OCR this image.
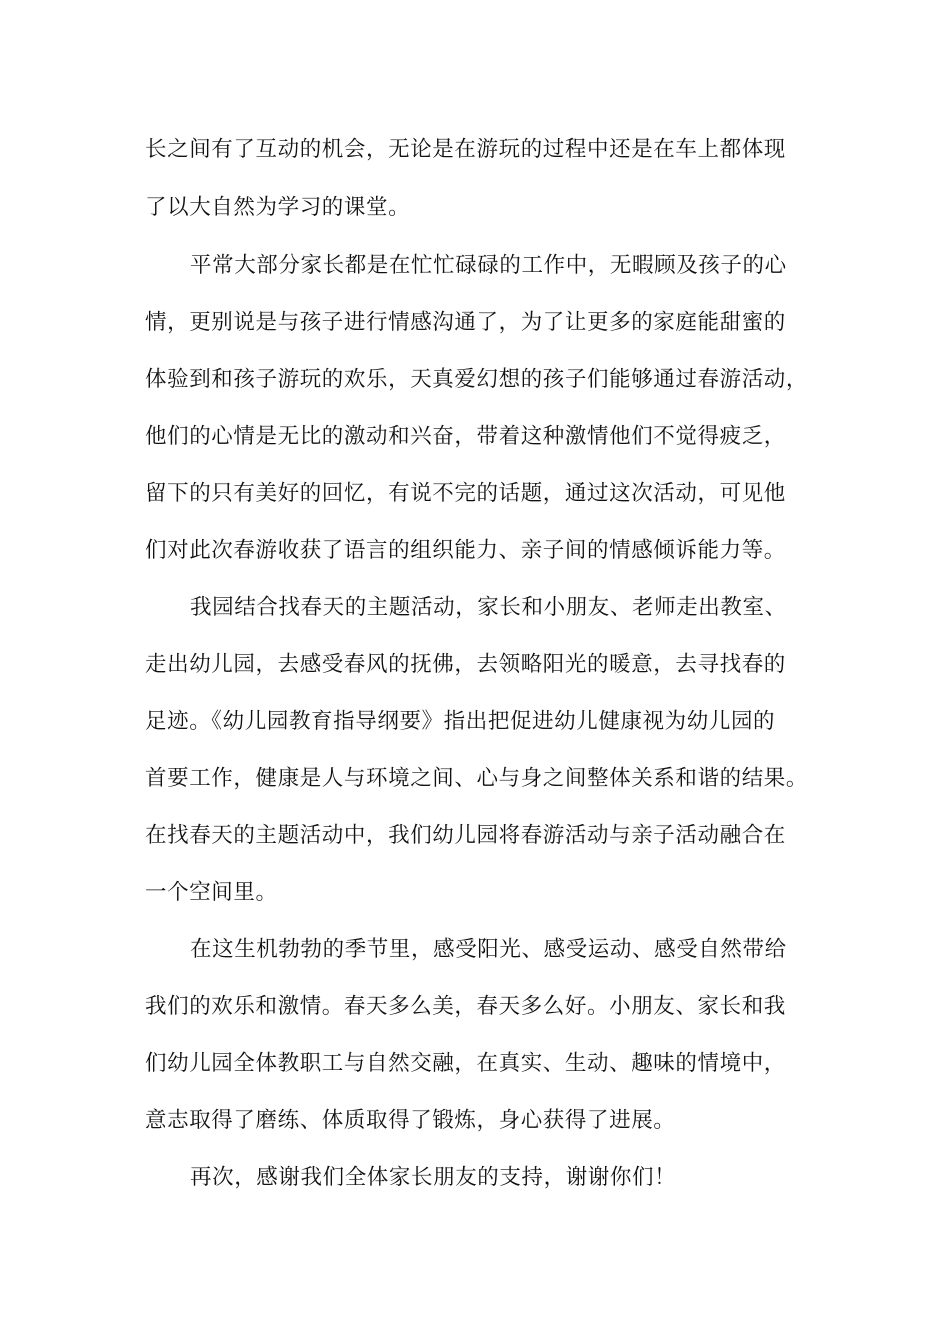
长之间有了互动的机会，无论是在游玩的过程中还是在车上都体现
了以大自然为学习的课堂。
平常大部分家长都是在忙忙碌碌的工作中，无暇顾及孩子的心
情，更别说是与孩子进行情感沟通了，为了让更多的家庭能甜蜜的
体验到和孩子游玩的欢乐，天真爱幻想的孩子们能够通过春游活动，
他们的心情是无比的激动和兴奋，带着这种激情他们不觉得疲乏，
留下的只有美好的回忆，有说不完的话题，通过这次活动，可见他
们对此次春游收获了语言的组织能力、亲子间的情感倾诉能力等。
我园结合找春天的主题活动，家长和小朋友、老师走出教室、
走出幼儿园，去感受春风的抚佛，去领略阳光的暖意，去寻找春的
足迹。《幼儿园教育指导纲要》指出把促进幼儿健康视为幼儿园的
首要工作，健康是人与环境之间、心与身之间整体关系和谐的结果。
在找春天的主题活动中，我们幼儿园将春游活动与亲子活动融合在
一个空间里。
在这生机勃勃的季节里，感受阳光、感受运动、感受自然带给
我们的欢乐和激情。春天多么美，春天多么好。小朋友、家长和我
们幼儿园全体教职工与自然交融，在真实、生动、趣味的情境中，
意志取得了磨练、体质取得了锻炼，身心获得了进展。
再次，感谢我们全体家长朋友的支持，谢谢你们！
